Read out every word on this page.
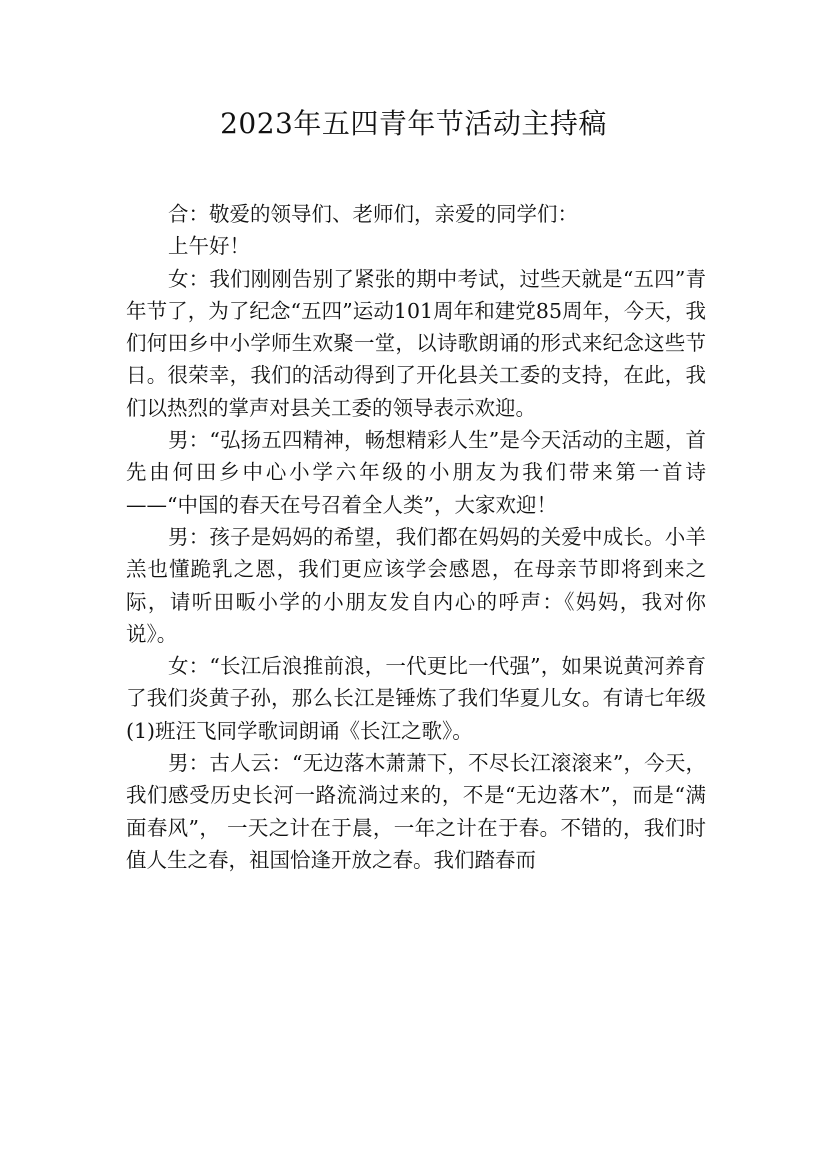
2023年五四青年节活动主持稿

合：敬爱的领导们、老师们，亲爱的同学们：

上午好！

女：我们刚刚告别了紧张的期中考试，过些天就是“五四”青年节了，为了纪念“五四”运动101周年和建党85周年，今天，我们何田乡中小学师生欢聚一堂，以诗歌朗诵的形式来纪念这些节日。很荣幸，我们的活动得到了开化县关工委的支持，在此，我们以热烈的掌声对县关工委的领导表示欢迎。

男：“弘扬五四精神，畅想精彩人生”是今天活动的主题，首先由何田乡中心小学六年级的小朋友为我们带来第一首诗——“中国的春天在号召着全人类”，大家欢迎！

男：孩子是妈妈的希望，我们都在妈妈的关爱中成长。小羊羔也懂跪乳之恩，我们更应该学会感恩，在母亲节即将到来之际，请听田畈小学的小朋友发自内心的呼声：《妈妈，我对你说》。

女：“长江后浪推前浪，一代更比一代强”，如果说黄河养育了我们炎黄子孙，那么长江是锤炼了我们华夏儿女。有请七年级(1)班汪飞同学歌词朗诵《长江之歌》。

男：古人云：“无边落木萧萧下，不尽长江滚滚来”，今天，我们感受历史长河一路流淌过来的，不是“无边落木”，而是“满面春风”， 一天之计在于晨，一年之计在于春。不错的，我们时值人生之春，祖国恰逢开放之春。我们踏春而
